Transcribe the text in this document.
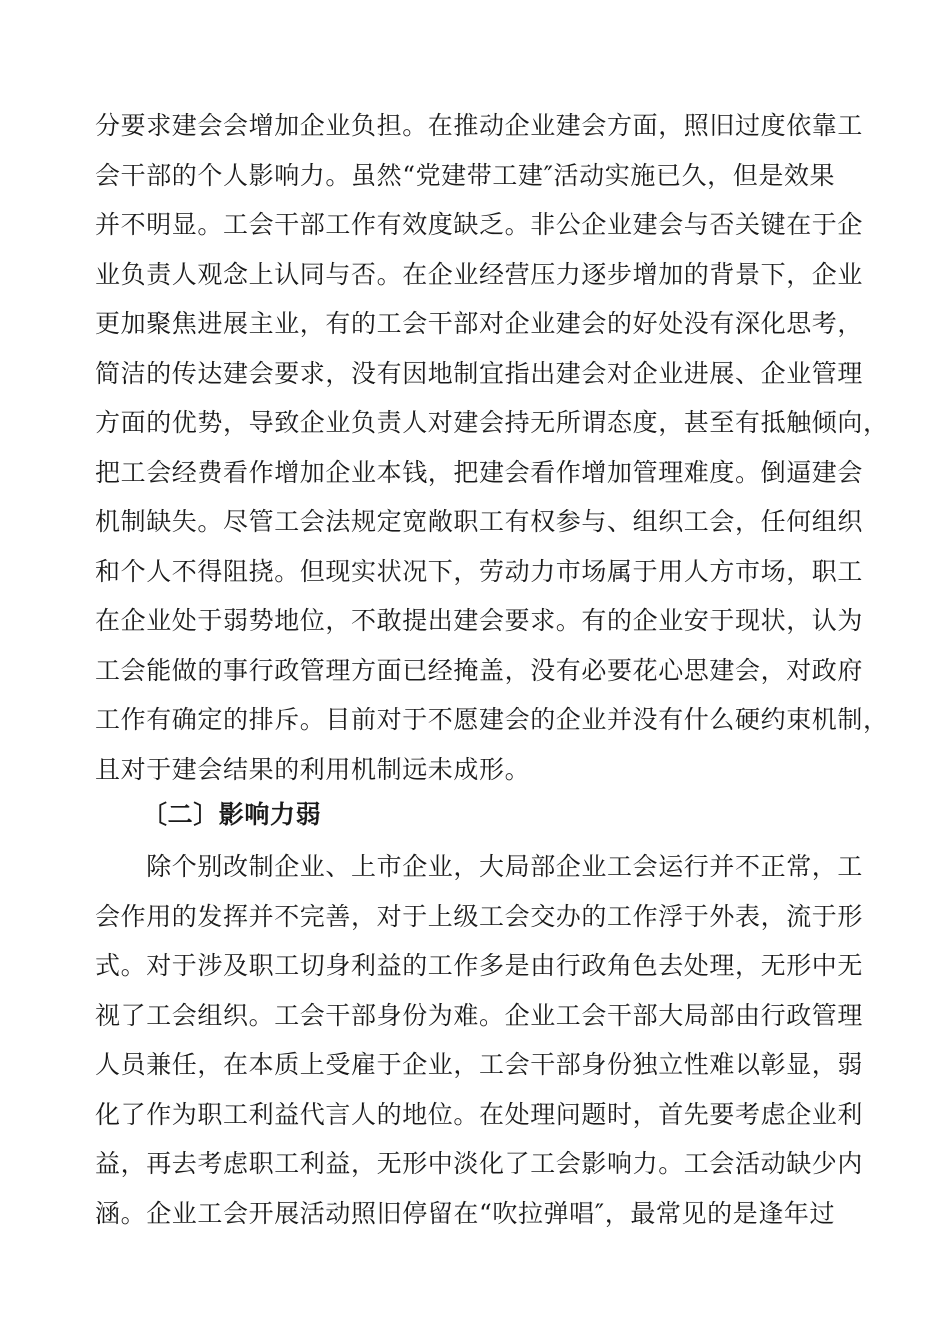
分要求建会会增加企业负担。在推动企业建会方面，照旧过度依靠工
会干部的个人影响力。虽然“党建带工建″活动实施已久，但是效果
并不明显。工会干部工作有效度缺乏。非公企业建会与否关键在于企
业负责人观念上认同与否。在企业经营压力逐步增加的背景下，企业
更加聚焦进展主业，有的工会干部对企业建会的好处没有深化思考，
简洁的传达建会要求，没有因地制宜指出建会对企业进展、企业管理
方面的优势，导致企业负责人对建会持无所谓态度，甚至有抵触倾向，
把工会经费看作增加企业本钱，把建会看作增加管理难度。倒逼建会
机制缺失。尽管工会法规定宽敞职工有权参与、组织工会，任何组织
和个人不得阻挠。但现实状况下，劳动力市场属于用人方市场，职工
在企业处于弱势地位，不敢提出建会要求。有的企业安于现状，认为
工会能做的事行政管理方面已经掩盖，没有必要花心思建会，对政府
工作有确定的排斥。目前对于不愿建会的企业并没有什么硬约束机制，
且对于建会结果的利用机制远未成形。
〔二〕影响力弱
　　除个别改制企业、上市企业，大局部企业工会运行并不正常，工
会作用的发挥并不完善，对于上级工会交办的工作浮于外表，流于形
式。对于涉及职工切身利益的工作多是由行政角色去处理，无形中无
视了工会组织。工会干部身份为难。企业工会干部大局部由行政管理
人员兼任，在本质上受雇于企业，工会干部身份独立性难以彰显，弱
化了作为职工利益代言人的地位。在处理问题时，首先要考虑企业利
益，再去考虑职工利益，无形中淡化了工会影响力。工会活动缺少内
涵。企业工会开展活动照旧停留在“吹拉弹唱″，最常见的是逢年过
